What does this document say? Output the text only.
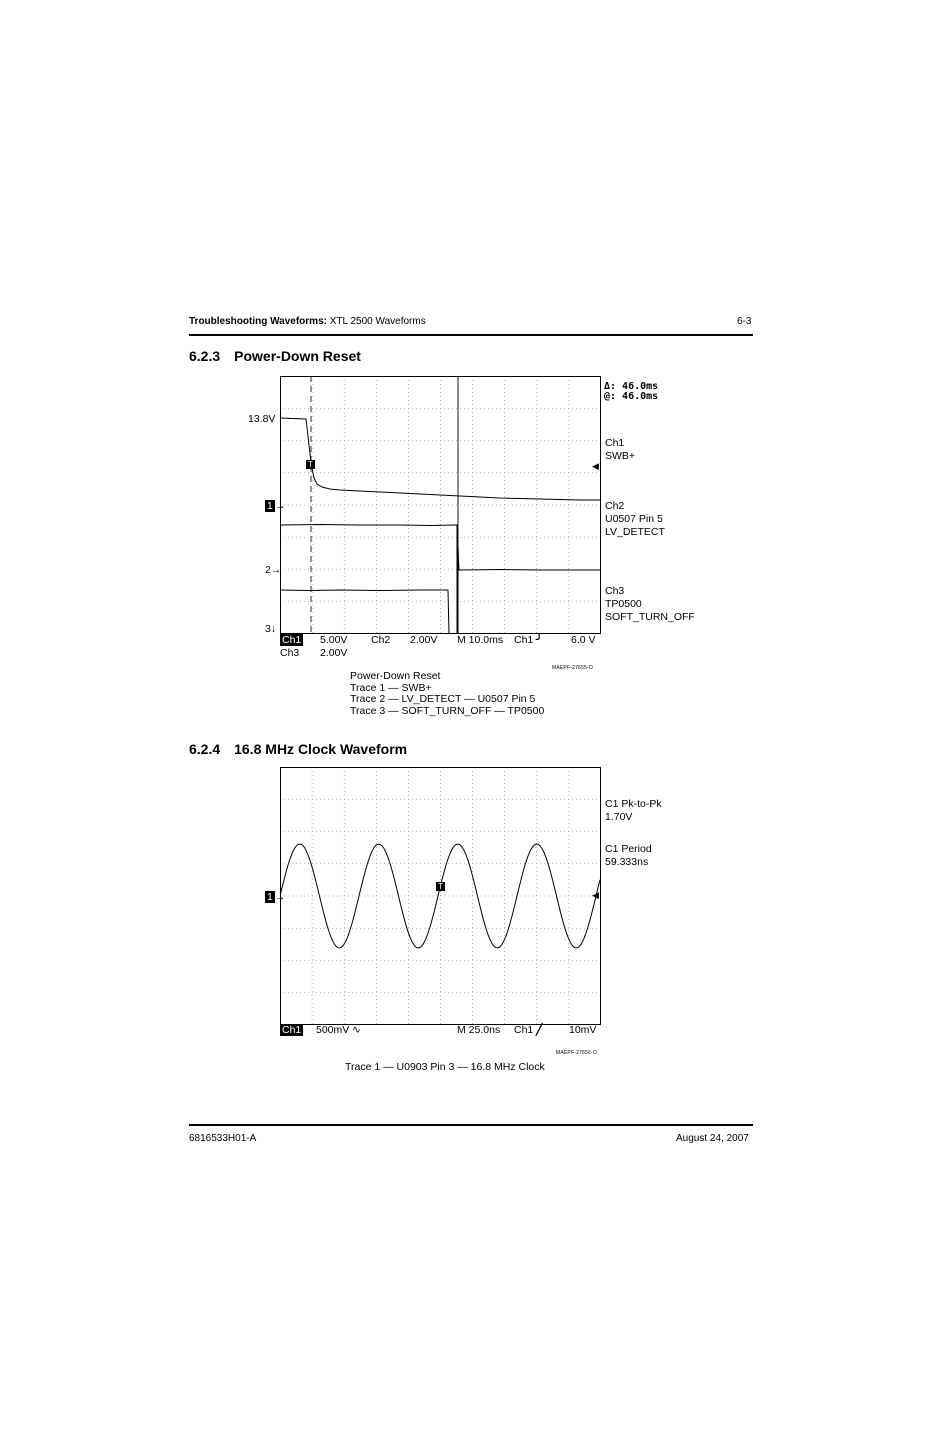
Troubleshooting Waveforms: XTL 2500 Waveforms	6-3
6.2.3 Power-Down Reset
Δ: 46.0ms
@: 46.0ms
13.8V
Ch1
SWB+
◀
Ch2
U0507 Pin 5
LV_DETECT
Ch3
TP0500
SOFT_TURN_OFF
1 →
2→
3↓
T
Ch1 5.00V Ch2 2.00V M 10.0ms Ch1 ╯	6.0 V
Ch3 2.00V
MAEPF-27655-O
Power-Down Reset
Trace 1 — SWB+
Trace 2 — LV_DETECT — U0507 Pin 5
Trace 3 — SOFT_TURN_OFF — TP0500
6.2.4 16.8 MHz Clock Waveform
C1 Pk-to-Pk
1.70V
C1 Period
59.333ns
1 →	◀
T
Ch1 500mV ∿	M 25.0ns Ch1 ╱	10mV
MAEPF-27656-O
Trace 1 — U0903 Pin 3 — 16.8 MHz Clock
6816533H01-A	August 24, 2007
